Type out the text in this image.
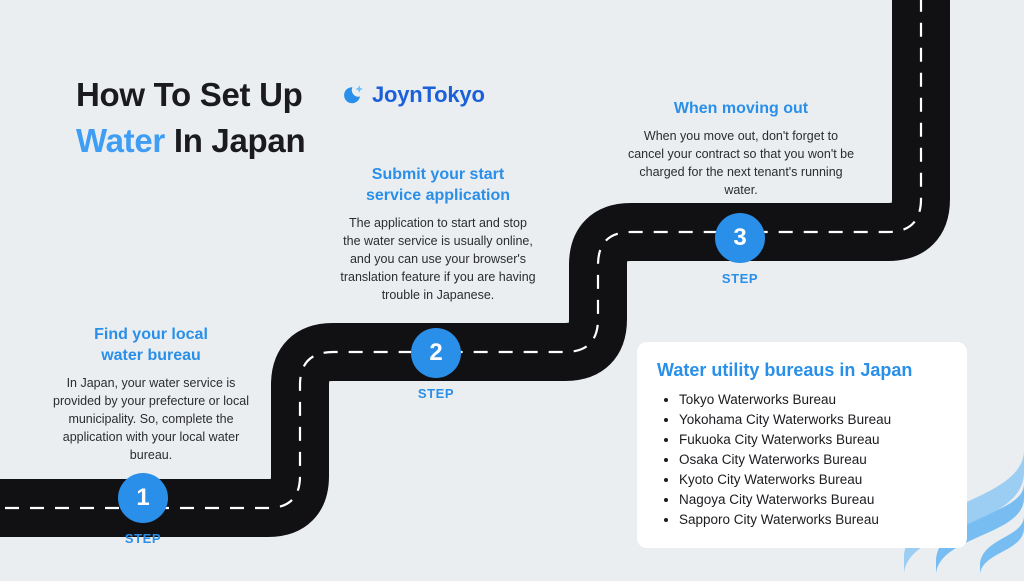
How To Set Up
Water In Japan
JoynTokyo
Find your local
water bureau
In Japan, your water service is provided by your prefecture or local municipality. So, complete the application with your local water bureau.
Submit your start
service application
The application to start and stop the water service is usually online, and you can use your browser's translation feature if you are having trouble in Japanese.
When moving out
When you move out, don't forget to cancel your contract so that you won't be charged for the next tenant's running water.
1
STEP
2
STEP
3
STEP
Water utility bureaus in Japan
• Tokyo Waterworks Bureau
• Yokohama City Waterworks Bureau
• Fukuoka City Waterworks Bureau
• Osaka City Waterworks Bureau
• Kyoto City Waterworks Bureau
• Nagoya City Waterworks Bureau
• Sapporo City Waterworks Bureau
